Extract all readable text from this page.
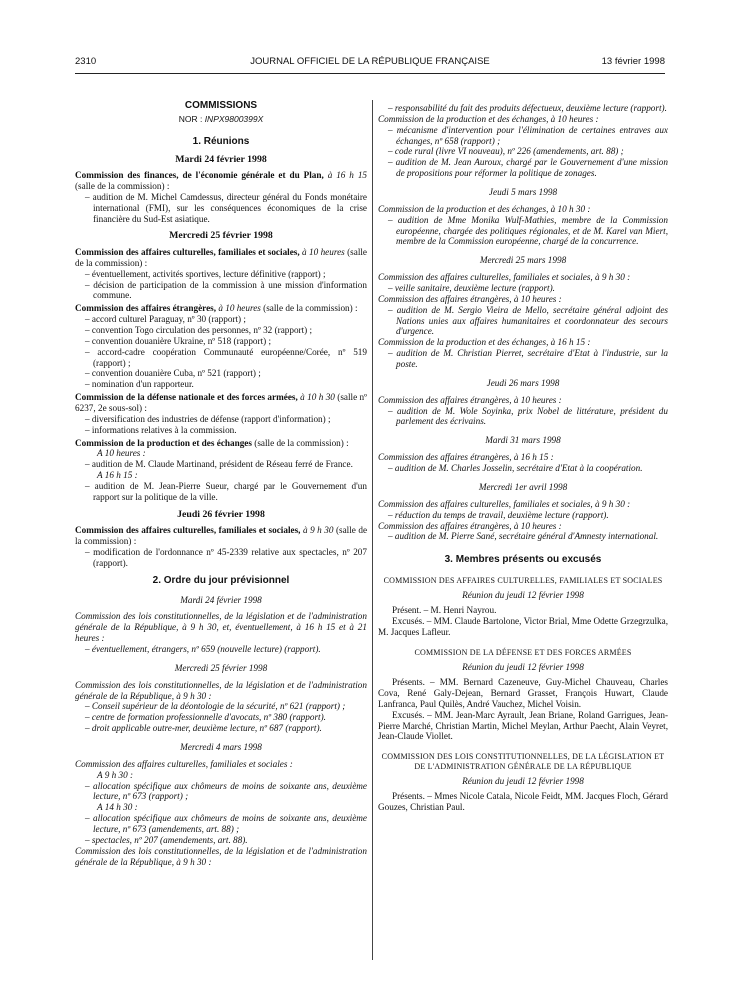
2310	JOURNAL OFFICIEL DE LA RÉPUBLIQUE FRANÇAISE	13 février 1998
COMMISSIONS
NOR : INPX9800399X
1. Réunions
Mardi 24 février 1998
Commission des finances, de l'économie générale et du Plan, à 16 h 15 (salle de la commission) :
– audition de M. Michel Camdessus, directeur général du Fonds monétaire international (FMI), sur les conséquences économiques de la crise financière du Sud-Est asiatique.
Mercredi 25 février 1998
Commission des affaires culturelles, familiales et sociales, à 10 heures (salle de la commission) :
– éventuellement, activités sportives, lecture définitive (rapport) ;
– décision de participation de la commission à une mission d'information commune.
Commission des affaires étrangères, à 10 heures (salle de la commission) :
– accord culturel Paraguay, nº 30 (rapport) ;
– convention Togo circulation des personnes, nº 32 (rapport) ;
– convention douanière Ukraine, nº 518 (rapport) ;
– accord-cadre coopération Communauté européenne/Corée, nº 519 (rapport) ;
– convention douanière Cuba, nº 521 (rapport) ;
– nomination d'un rapporteur.
Commission de la défense nationale et des forces armées, à 10 h 30 (salle nº 6237, 2e sous-sol) :
– diversification des industries de défense (rapport d'information) ;
– informations relatives à la commission.
Commission de la production et des échanges (salle de la commission) :
A 10 heures :
– audition de M. Claude Martinand, président de Réseau ferré de France.
A 16 h 15 :
– audition de M. Jean-Pierre Sueur, chargé par le Gouvernement d'un rapport sur la politique de la ville.
Jeudi 26 février 1998
Commission des affaires culturelles, familiales et sociales, à 9 h 30 (salle de la commission) :
– modification de l'ordonnance nº 45-2339 relative aux spectacles, nº 207 (rapport).
2. Ordre du jour prévisionnel
Mardi 24 février 1998
Commission des lois constitutionnelles, de la législation et de l'administration générale de la République, à 9 h 30, et, éventuellement, à 16 h 15 et à 21 heures :
– éventuellement, étrangers, nº 659 (nouvelle lecture) (rapport).
Mercredi 25 février 1998
Commission des lois constitutionnelles, de la législation et de l'administration générale de la République, à 9 h 30 :
– Conseil supérieur de la déontologie de la sécurité, nº 621 (rapport) ;
– centre de formation professionnelle d'avocats, nº 380 (rapport).
– droit applicable outre-mer, deuxième lecture, nº 687 (rapport).
Mercredi 4 mars 1998
Commission des affaires culturelles, familiales et sociales :
A 9 h 30 :
– allocation spécifique aux chômeurs de moins de soixante ans, deuxième lecture, nº 673 (rapport) ;
A 14 h 30 :
– allocation spécifique aux chômeurs de moins de soixante ans, deuxième lecture, nº 673 (amendements, art. 88) ;
– spectacles, nº 207 (amendements, art. 88).
Commission des lois constitutionnelles, de la législation et de l'administration générale de la République, à 9 h 30 :
– responsabilité du fait des produits défectueux, deuxième lecture (rapport).
Commission de la production et des échanges, à 10 heures :
– mécanisme d'intervention pour l'élimination de certaines entraves aux échanges, nº 658 (rapport) ;
– code rural (livre VI nouveau), nº 226 (amendements, art. 88) ;
– audition de M. Jean Auroux, chargé par le Gouvernement d'une mission de propositions pour réformer la politique de zonages.
Jeudi 5 mars 1998
Commission de la production et des échanges, à 10 h 30 :
– audition de Mme Monika Wulf-Mathies, membre de la Commission européenne, chargée des politiques régionales, et de M. Karel van Miert, membre de la Commission européenne, chargé de la concurrence.
Mercredi 25 mars 1998
Commission des affaires culturelles, familiales et sociales, à 9 h 30 :
– veille sanitaire, deuxième lecture (rapport).
Commission des affaires étrangères, à 10 heures :
– audition de M. Sergio Vieira de Mello, secrétaire général adjoint des Nations unies aux affaires humanitaires et coordonnateur des secours d'urgence.
Commission de la production et des échanges, à 16 h 15 :
– audition de M. Christian Pierret, secrétaire d'Etat à l'industrie, sur la poste.
Jeudi 26 mars 1998
Commission des affaires étrangères, à 10 heures :
– audition de M. Wole Soyinka, prix Nobel de littérature, président du parlement des écrivains.
Mardi 31 mars 1998
Commission des affaires étrangères, à 16 h 15 :
– audition de M. Charles Josselin, secrétaire d'Etat à la coopération.
Mercredi 1er avril 1998
Commission des affaires culturelles, familiales et sociales, à 9 h 30 :
– réduction du temps de travail, deuxième lecture (rapport).
Commission des affaires étrangères, à 10 heures :
– audition de M. Pierre Sané, secrétaire général d'Amnesty international.
3. Membres présents ou excusés
COMMISSION DES AFFAIRES CULTURELLES, FAMILIALES ET SOCIALES
Réunion du jeudi 12 février 1998
Présent. – M. Henri Nayrou.
Excusés. – MM. Claude Bartolone, Victor Brial, Mme Odette Grzegrzulka, M. Jacques Lafleur.
COMMISSION DE LA DÉFENSE ET DES FORCES ARMÉES
Réunion du jeudi 12 février 1998
Présents. – MM. Bernard Cazeneuve, Guy-Michel Chauveau, Charles Cova, René Galy-Dejean, Bernard Grasset, François Huwart, Claude Lanfranca, Paul Quilès, André Vauchez, Michel Voisin.
Excusés. – MM. Jean-Marc Ayrault, Jean Briane, Roland Garrigues, Jean-Pierre Marché, Christian Martin, Michel Meylan, Arthur Paecht, Alain Veyret, Jean-Claude Viollet.
COMMISSION DES LOIS CONSTITUTIONNELLES, DE LA LÉGISLATION ET DE L'ADMINISTRATION GÉNÉRALE DE LA RÉPUBLIQUE
Réunion du jeudi 12 février 1998
Présents. – Mmes Nicole Catala, Nicole Feidt, MM. Jacques Floch, Gérard Gouzes, Christian Paul.
